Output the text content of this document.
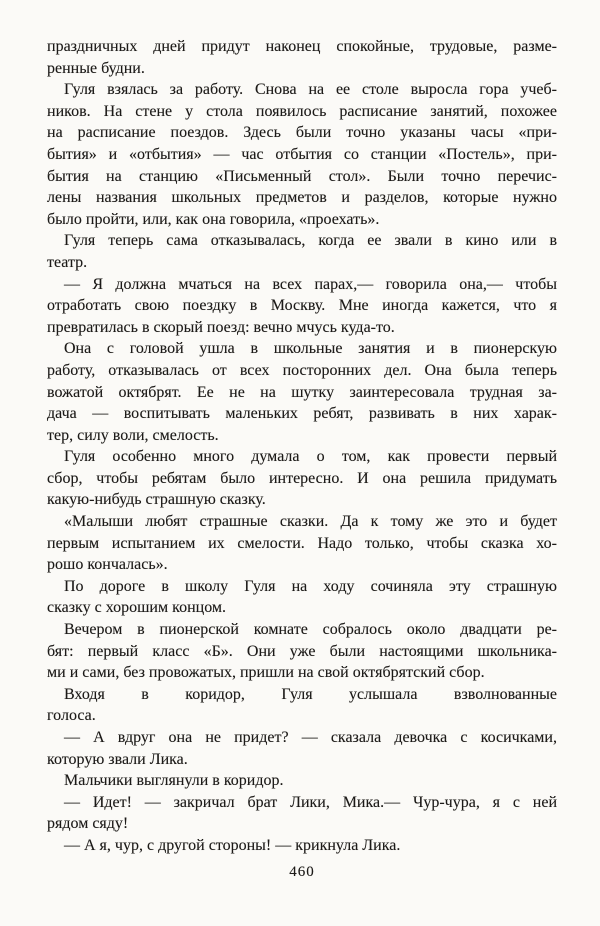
праздничных дней придут наконец спокойные, трудовые, разме-
ренные будни.

Гуля взялась за работу. Снова на ее столе выросла гора учеб-
ников. На стене у стола появилось расписание занятий, похожее
на расписание поездов. Здесь были точно указаны часы «при-
бытия» и «отбытия» — час отбытия со станции «Постель», при-
бытия на станцию «Письменный стол». Были точно перечис-
лены названия школьных предметов и разделов, которые нужно
было пройти, или, как она говорила, «проехать».

Гуля теперь сама отказывалась, когда ее звали в кино или в
театр.

— Я должна мчаться на всех парах,— говорила она,— чтобы
отработать свою поездку в Москву. Мне иногда кажется, что я
превратилась в скорый поезд: вечно мчусь куда-то.

Она с головой ушла в школьные занятия и в пионерскую
работу, отказывалась от всех посторонних дел. Она была теперь
вожатой октябрят. Ее не на шутку заинтересовала трудная за-
дача — воспитывать маленьких ребят, развивать в них харак-
тер, силу воли, смелость.

Гуля особенно много думала о том, как провести первый
сбор, чтобы ребятам было интересно. И она решила придумать
какую-нибудь страшную сказку.

«Малыши любят страшные сказки. Да к тому же это и будет
первым испытанием их смелости. Надо только, чтобы сказка хо-
рошо кончалась».

По дороге в школу Гуля на ходу сочиняла эту страшную
сказку с хорошим концом.

Вечером в пионерской комнате собралось около двадцати ре-
бят: первый класс «Б». Они уже были настоящими школьника-
ми и сами, без провожатых, пришли на свой октябрятский сбор.

Входя в коридор, Гуля услышала взволнованные
голоса.

— А вдруг она не придет? — сказала девочка с косичками,
которую звали Лика.

Мальчики выглянули в коридор.

— Идет! — закричал брат Лики, Мика.— Чур-чура, я с ней
рядом сяду!

— А я, чур, с другой стороны! — крикнула Лика.

460
